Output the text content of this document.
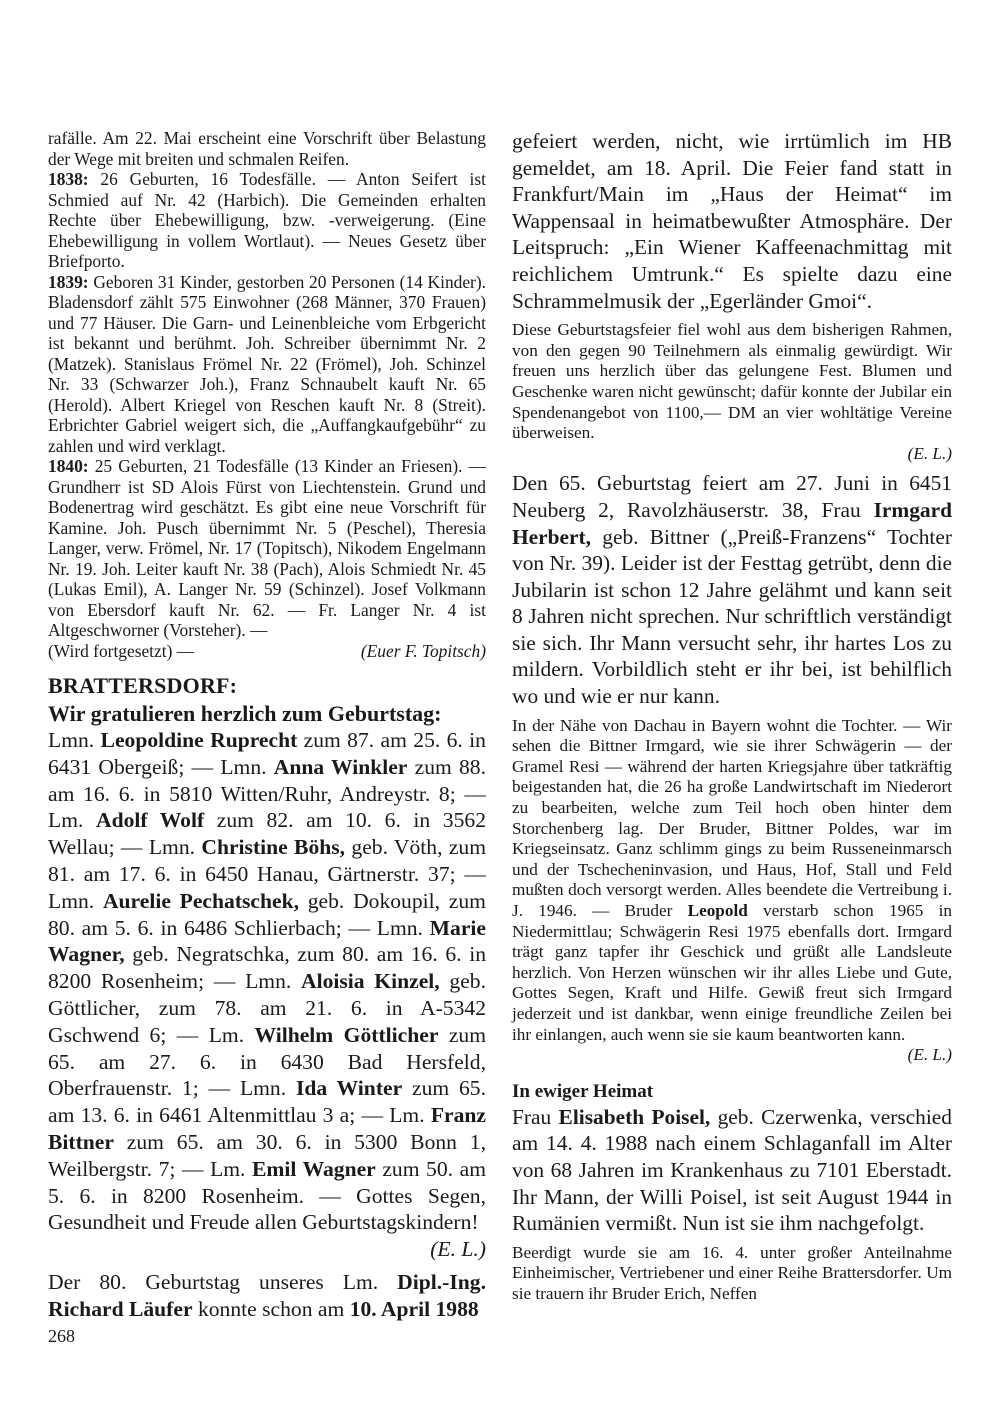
rafälle. Am 22. Mai erscheint eine Vorschrift über Belastung der Wege mit breiten und schmalen Reifen.

1838: 26 Geburten, 16 Todesfälle. — Anton Seifert ist Schmied auf Nr. 42 (Harbich). Die Gemeinden erhalten Rechte über Ehebewilligung, bzw. -verweigerung. (Eine Ehebewilligung in vollem Wortlaut). — Neues Gesetz über Briefporto.

1839: Geboren 31 Kinder, gestorben 20 Personen (14 Kinder). Bladensdorf zählt 575 Einwohner (268 Männer, 370 Frauen) und 77 Häuser. Die Garn- und Leinenbleiche vom Erbgericht ist bekannt und berühmt. Joh. Schreiber übernimmt Nr. 2 (Matzek). Stanislaus Frömel Nr. 22 (Frömel), Joh. Schinzel Nr. 33 (Schwarzer Joh.), Franz Schnaubelt kauft Nr. 65 (Herold). Albert Kriegel von Reschen kauft Nr. 8 (Streit). Erbrichter Gabriel weigert sich, die „Auffangkaufgebühr“ zu zahlen und wird verklagt.

1840: 25 Geburten, 21 Todesfälle (13 Kinder an Friesen). — Grundherr ist SD Alois Fürst von Liechtenstein. Grund und Bodenertrag wird geschätzt. Es gibt eine neue Vorschrift für Kamine. Joh. Pusch übernimmt Nr. 5 (Peschel), Theresia Langer, verw. Frömel, Nr. 17 (Topitsch), Nikodem Engelmann Nr. 19. Joh. Leiter kauft Nr. 38 (Pach), Alois Schmiedt Nr. 45 (Lukas Emil), A. Langer Nr. 59 (Schinzel). Josef Volkmann von Ebersdorf kauft Nr. 62. — Fr. Langer Nr. 4 ist Altgeschworner (Vorsteher). —

(Wird fortgesetzt) —	(Euer F. Topitsch)
BRATTERSDORF:
Wir gratulieren herzlich zum Geburtstag:

Lmn. Leopoldine Ruprecht zum 87. am 25. 6. in 6431 Obergeiß; — Lmn. Anna Winkler zum 88. am 16. 6. in 5810 Witten/Ruhr, Andreystr. 8; — Lm. Adolf Wolf zum 82. am 10. 6. in 3562 Wellau; — Lmn. Christine Böhs, geb. Vöth, zum 81. am 17. 6. in 6450 Hanau, Gärtnerstr. 37; — Lmn. Aurelie Pechatschek, geb. Dokoupil, zum 80. am 5. 6. in 6486 Schlierbach; — Lmn. Marie Wagner, geb. Negratschka, zum 80. am 16. 6. in 8200 Rosenheim; — Lmn. Aloisia Kinzel, geb. Göttlicher, zum 78. am 21. 6. in A-5342 Gschwend 6; — Lm. Wilhelm Göttlicher zum 65. am 27. 6. in 6430 Bad Hersfeld, Oberfrauenstr. 1; — Lmn. Ida Winter zum 65. am 13. 6. in 6461 Altenmittlau 3 a; — Lm. Franz Bittner zum 65. am 30. 6. in 5300 Bonn 1, Weilbergstr. 7; — Lm. Emil Wagner zum 50. am 5. 6. in 8200 Rosenheim. — Gottes Segen, Gesundheit und Freude allen Geburtstagskindern!

(E. L.)

Der 80. Geburtstag unseres Lm. Dipl.-Ing. Richard Läufer konnte schon am 10. April 1988

gefeiert werden, nicht, wie irrtümlich im HB gemeldet, am 18. April. Die Feier fand statt in Frankfurt/Main im „Haus der Heimat“ im Wappensaal in heimatbewußter Atmosphäre. Der Leitspruch: „Ein Wiener Kaffeenachmittag mit reichlichem Umtrunk.“ Es spielte dazu eine Schrammelmusik der „Egerländer Gmoi“.

Diese Geburtstagsfeier fiel wohl aus dem bisherigen Rahmen, von den gegen 90 Teilnehmern als einmalig gewürdigt. Wir freuen uns herzlich über das gelungene Fest. Blumen und Geschenke waren nicht gewünscht; dafür konnte der Jubilar ein Spendenangebot von 1100,— DM an vier wohltätige Vereine überweisen.

(E. L.)

Den 65. Geburtstag feiert am 27. Juni in 6451 Neuberg 2, Ravolzhäuserstr. 38, Frau Irmgard Herbert, geb. Bittner („Preiß-Franzens“ Tochter von Nr. 39). Leider ist der Festtag getrübt, denn die Jubilarin ist schon 12 Jahre gelähmt und kann seit 8 Jahren nicht sprechen. Nur schriftlich verständigt sie sich. Ihr Mann versucht sehr, ihr hartes Los zu mildern. Vorbildlich steht er ihr bei, ist behilflich wo und wie er nur kann.

In der Nähe von Dachau in Bayern wohnt die Tochter. — Wir sehen die Bittner Irmgard, wie sie ihrer Schwägerin — der Gramel Resi — während der harten Kriegsjahre über tatkräftig beigestanden hat, die 26 ha große Landwirtschaft im Niederort zu bearbeiten, welche zum Teil hoch oben hinter dem Storchenberg lag. Der Bruder, Bittner Poldes, war im Kriegseinsatz. Ganz schlimm gings zu beim Russeneinmarsch und der Tschecheninvasion, und Haus, Hof, Stall und Feld mußten doch versorgt werden. Alles beendete die Vertreibung i. J. 1946. — Bruder Leopold verstarb schon 1965 in Niedermittlau; Schwägerin Resi 1975 ebenfalls dort. Irmgard trägt ganz tapfer ihr Geschick und grüßt alle Landsleute herzlich. Von Herzen wünschen wir ihr alles Liebe und Gute, Gottes Segen, Kraft und Hilfe. Gewiß freut sich Irmgard jederzeit und ist dankbar, wenn einige freundliche Zeilen bei ihr einlangen, auch wenn sie sie kaum beantworten kann.

(E. L.)
In ewiger Heimat

Frau Elisabeth Poisel, geb. Czerwenka, verschied am 14. 4. 1988 nach einem Schlaganfall im Alter von 68 Jahren im Krankenhaus zu 7101 Eberstadt. Ihr Mann, der Willi Poisel, ist seit August 1944 in Rumänien vermißt. Nun ist sie ihm nachgefolgt.

Beerdigt wurde sie am 16. 4. unter großer Anteilnahme Einheimischer, Vertriebener und einer Reihe Brattersdorfer. Um sie trauern ihr Bruder Erich, Neffen

268
